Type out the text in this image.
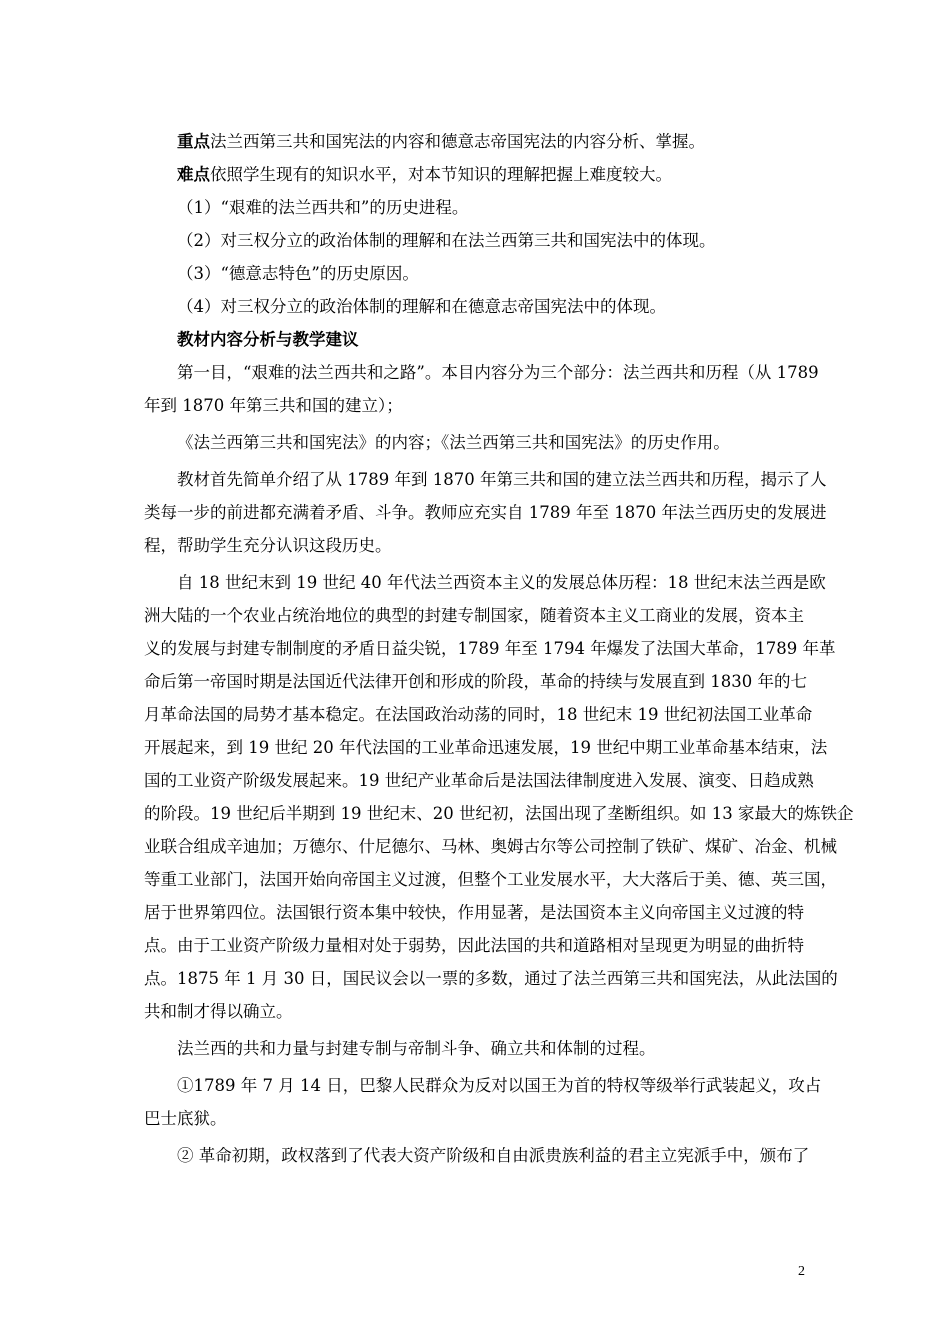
重点法兰西第三共和国宪法的内容和德意志帝国宪法的内容分析、掌握。

难点依照学生现有的知识水平，对本节知识的理解把握上难度较大。

（1）“艰难的法兰西共和”的历史进程。

（2）对三权分立的政治体制的理解和在法兰西第三共和国宪法中的体现。

（3）“德意志特色”的历史原因。

（4）对三权分立的政治体制的理解和在德意志帝国宪法中的体现。

教材内容分析与教学建议

第一目，“艰难的法兰西共和之路”。本目内容分为三个部分：法兰西共和历程（从 1789

年到 1870 年第三共和国的建立）；

《法兰西第三共和国宪法》的内容；《法兰西第三共和国宪法》的历史作用。

教材首先简单介绍了从 1789 年到 1870 年第三共和国的建立法兰西共和历程，揭示了人

类每一步的前进都充满着矛盾、斗争。教师应充实自 1789 年至 1870 年法兰西历史的发展进

程，帮助学生充分认识这段历史。

自 18 世纪末到 19 世纪 40 年代法兰西资本主义的发展总体历程：18 世纪末法兰西是欧

洲大陆的一个农业占统治地位的典型的封建专制国家，随着资本主义工商业的发展，资本主

义的发展与封建专制制度的矛盾日益尖锐，1789 年至 1794 年爆发了法国大革命，1789 年革

命后第一帝国时期是法国近代法律开创和形成的阶段，革命的持续与发展直到 1830 年的七

月革命法国的局势才基本稳定。在法国政治动荡的同时，18 世纪末 19 世纪初法国工业革命

开展起来，到 19 世纪 20 年代法国的工业革命迅速发展，19 世纪中期工业革命基本结束，法

国的工业资产阶级发展起来。19 世纪产业革命后是法国法律制度进入发展、演变、日趋成熟

的阶段。19 世纪后半期到 19 世纪末、20 世纪初，法国出现了垄断组织。如 13 家最大的炼铁企

业联合组成辛迪加；万德尔、什尼德尔、马林、奥姆古尔等公司控制了铁矿、煤矿、冶金、机械

等重工业部门，法国开始向帝国主义过渡，但整个工业发展水平，大大落后于美、德、英三国，

居于世界第四位。法国银行资本集中较快，作用显著，是法国资本主义向帝国主义过渡的特

点。由于工业资产阶级力量相对处于弱势，因此法国的共和道路相对呈现更为明显的曲折特

点。1875 年 1 月 30 日，国民议会以一票的多数，通过了法兰西第三共和国宪法，从此法国的

共和制才得以确立。

法兰西的共和力量与封建专制与帝制斗争、确立共和体制的过程。

①1789 年 7 月 14 日，巴黎人民群众为反对以国王为首的特权等级举行武装起义，攻占

巴士底狱。

② 革命初期，政权落到了代表大资产阶级和自由派贵族利益的君主立宪派手中，颁布了

2
